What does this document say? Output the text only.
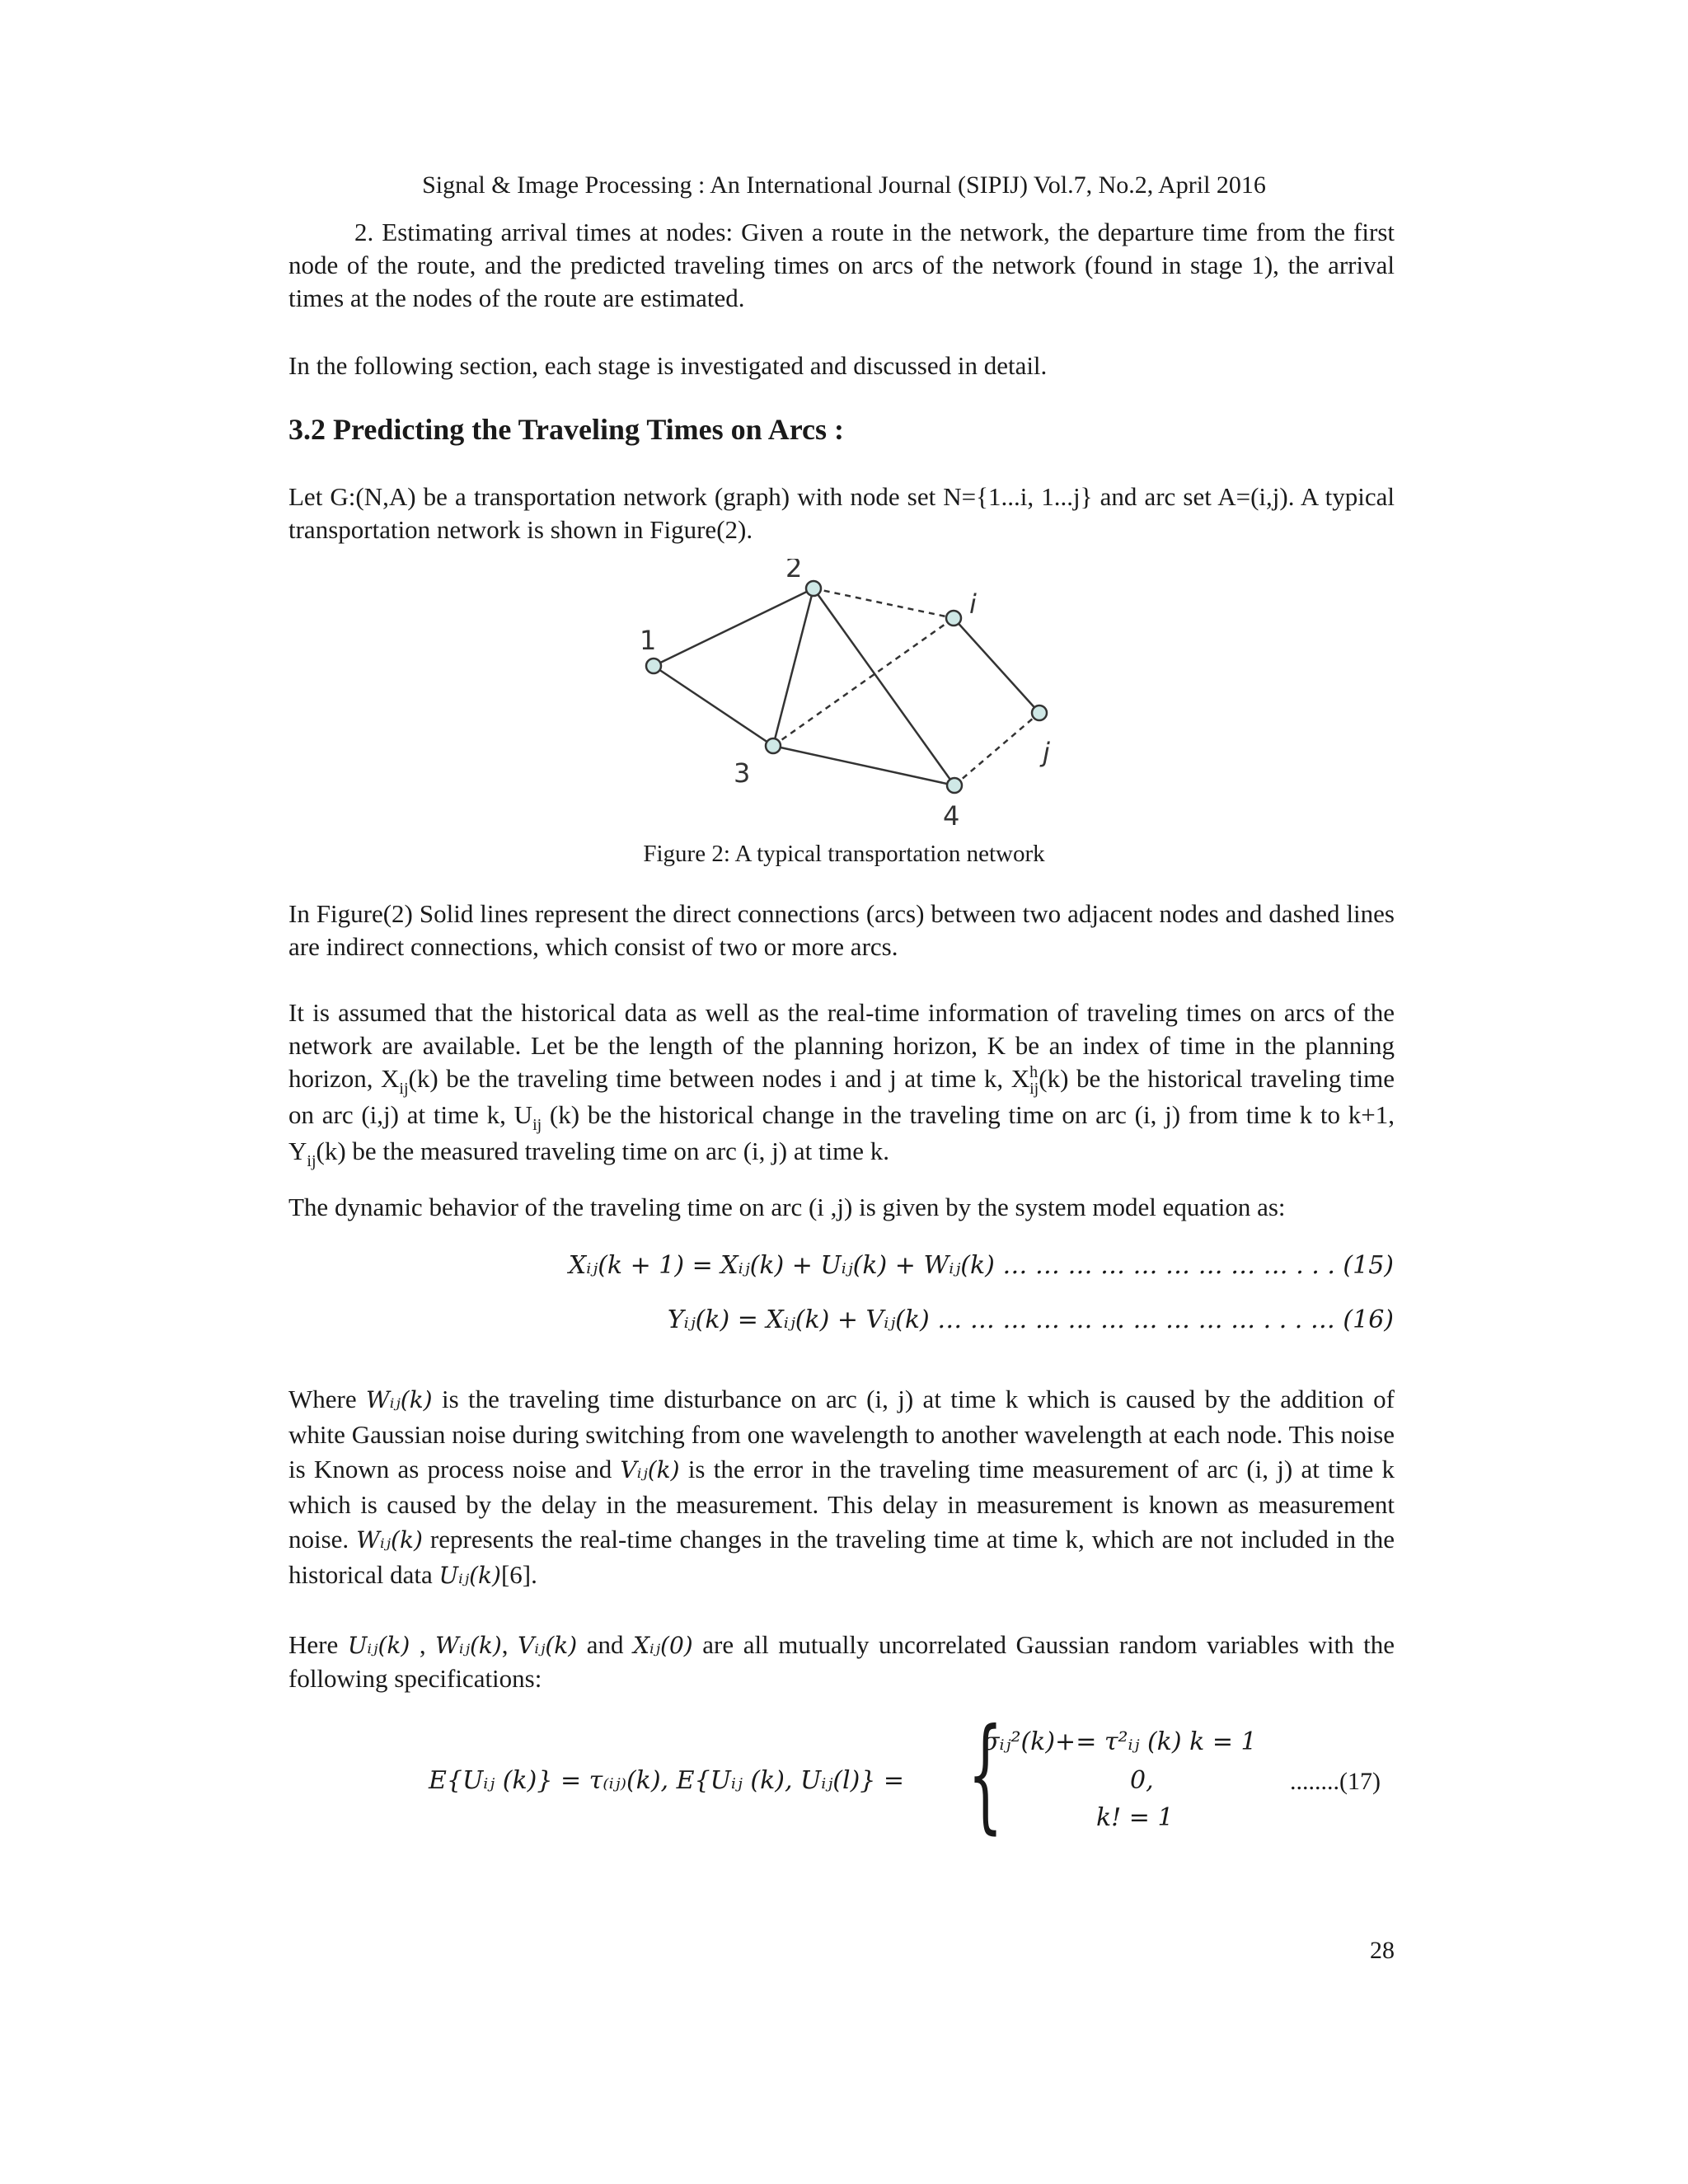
Signal & Image Processing : An International Journal (SIPIJ) Vol.7, No.2, April 2016
2. Estimating arrival times at nodes: Given a route in the network, the departure time from the first node of the route, and the predicted traveling times on arcs of the network (found in stage 1), the arrival times at the nodes of the route are estimated.
In the following section, each stage is investigated and discussed in detail.
3.2 Predicting the Traveling Times on Arcs :
Let G:(N,A) be a transportation network (graph) with node set N={1...i, 1...j} and arc set A=(i,j). A typical transportation network is shown in Figure(2).
1
2
3
4
i
j
Figure 2: A typical transportation network
In Figure(2) Solid lines represent the direct connections (arcs) between two adjacent nodes and dashed lines are indirect connections, which consist of two or more arcs.
It is assumed that the historical data as well as the real-time information of traveling times on arcs of the network are available. Let be the length of the planning horizon, K be an index of time in the planning horizon, $X_{ij}(k)$ be the traveling time between nodes i and j at time k, $X^h_{ij}(k)$ be the historical traveling time on arc (i,j) at time k, $U_{ij}$ (k) be the historical change in the traveling time on arc (i, j) from time k to k+1, $Y_{ij}(k)$ be the measured traveling time on arc (i, j) at time k.
The dynamic behavior of the traveling time on arc (i ,j) is given by the system model equation as:
Xᵢⱼ(k + 1) = Xᵢⱼ(k) + Uᵢⱼ(k) + Wᵢⱼ(k) … … … … … … … … … . . . (15)
Yᵢⱼ(k) = Xᵢⱼ(k) + Vᵢⱼ(k) … … … … … … … … … … . . . … (16)
Where Wᵢⱼ(k) is the traveling time disturbance on arc (i, j) at time k which is caused by the addition of white Gaussian noise during switching from one wavelength to another wavelength at each node. This noise is Known as process noise and Vᵢⱼ(k) is the error in the traveling time measurement of arc (i, j) at time k which is caused by the delay in the measurement. This delay in measurement is known as measurement noise. Wᵢⱼ(k) represents the real-time changes in the traveling time at time k, which are not included in the historical data Uᵢⱼ(k)[6].
Here Uᵢⱼ(k) , Wᵢⱼ(k), Vᵢⱼ(k) and Xᵢⱼ(0) are all mutually uncorrelated Gaussian random variables with the following specifications:
E{Uᵢⱼ (k)} = τ₍ᵢⱼ₎(k), E{Uᵢⱼ (k), Uᵢⱼ(l)} = {
σᵢⱼ²(k)+= τ²ᵢⱼ (k) k = 1
0,
k! = 1
........(17)
28
